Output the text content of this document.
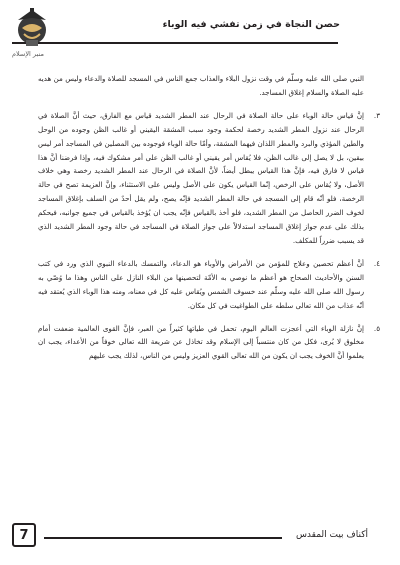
حصن النجاة في زمن تفشي فيه الوباء
منبر الإسلام

النبي صلى الله عليه وسلّم في وقت نزول البلاء والعذاب جمع الناس في المسجد للصلاة والدعاء وليس من هديه عليه الصلاة والسلام إغلاق المساجد.

٣.

إنَّ قياس حالة الوباء على حالة الصلاة في الرحال عند المطر الشديد قياس مع الفارق، حيث أنَّ الصلاة في الرحال عند نزول المطر الشديد رخصة لحكمة وجود سبب المشقة اليقيني أو غالب الظن وجوده من الوحل والطين المؤذي والبرد والمطر اللذان فيهما المشقة، وأمّا حالة الوباء فوجوده بين المصلين في المساجد أمر ليس بيقين، بل لا يصل إلى غالب الظن، فلا يُقاس أمر يقيني أو غالب الظن على أمر مشكوك فيه، وإذا فرضنا أنَّ هذا قياس لا فارق فيه، فإنَّ هذا القياس يبطل أيضاً، لأنَّ الصلاة في الرحال عند المطر الشديد رخصة وهي خلاف الأصل، ولا يُقاس على الرخص، إنّما القياس يكون على الأصل وليس على الاستثناء، وإنَّ العزيمة تصح في حالة الرخصة، فلو أنّه قام إلى المسجد في حالة المطر الشديد فإنّه يصح، ولم يقل أحدٌ من السلف بإغلاق المساجد لخوف الضرر الحاصل من المطر الشديد، فلو أخذ بالقياس فإنّه يجب ان يُؤخذ بالقياس في جميع جوانبه، فيحكم بذلك على عدم جواز إغلاق المساجد استدلالاً على جواز الصلاة في المساجد في حالة وجود المطر الشديد الذي قد يسبب ضرراً للمكلف.

٤.

أنَّ أعظم تحصين وعلاج للمؤمن من الأمراض والأوباء هو الدعاء، والتمسك بالدعاء النبوي الذي ورد في كتب السنن والأحاديث الصحاح هو أعظم ما نوصي به الأمّة لتحصينها من البلاء النازل على الناس وهذا ما وُصّي به رسول الله صلى الله عليه وسلّم عند خسوف الشمس ويُقاس عليه كل في معناه، ومنه هذا الوباء الذي يُعتقد فيه أنّه عذاب من الله تعالى سلطه على الطواغيت في كل مكان.

٥.

إنَّ نازلة الوباء التي أعجزت العالم اليوم، تحمل في طياتها كثيراً من العبر، فإنَّ القوى العالمية ضعفت أمام مخلوق لا يُرى، فكل من كان منتسباً إلى الإسلام وقد تخاذل عن شريعة الله تعالى خوفاً من الأعداء، يجب ان يعلموا أنَّ الخوف يجب ان يكون من الله تعالى القوي العزيز وليس من الناس، لذلك يجب عليهم

7	أكناف بيت المقدس
